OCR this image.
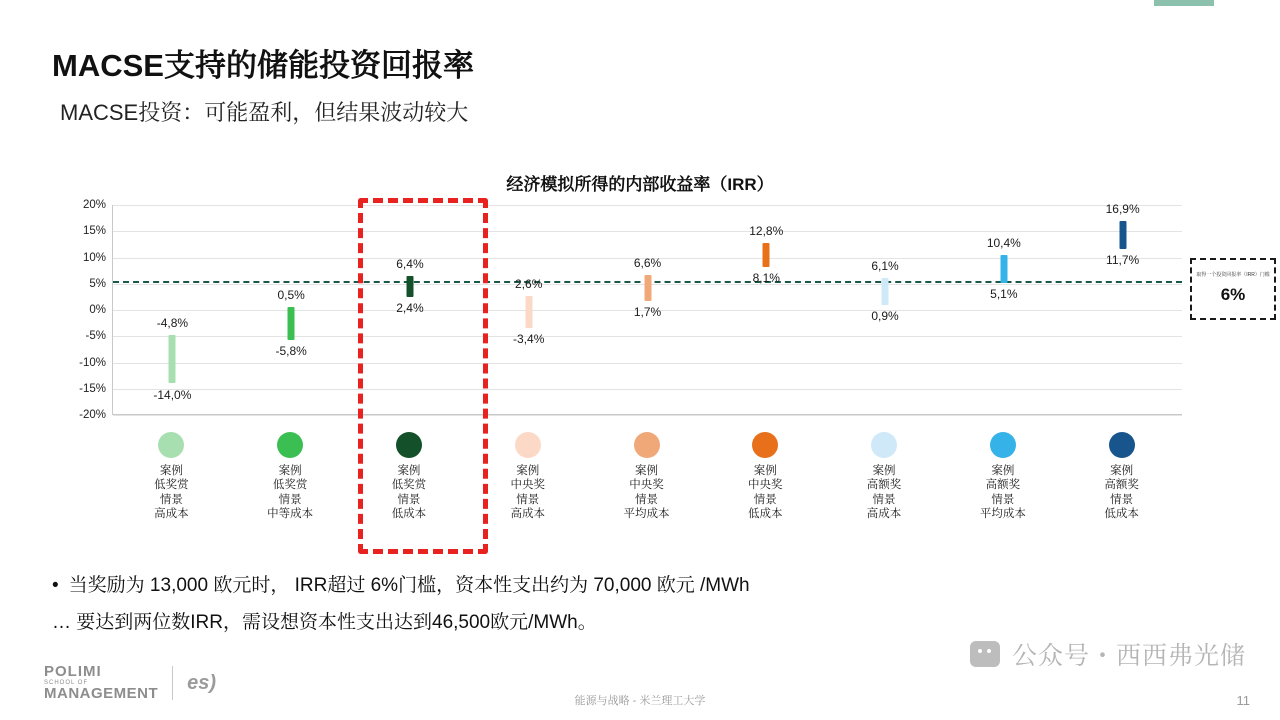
MACSE支持的储能投资回报率
MACSE投资：可能盈利，但结果波动较大
经济模拟所得的内部收益率（IRR）
20%
15%
10%
5%
0%
-5%
-10%
-15%
-20%
-4,8%
-14,0%
0,5%
-5,8%
6,4%
2,4%
2,6%
-3,4%
6,6%
1,7%
12,8%
8,1%
6,1%
0,9%
10,4%
5,1%
16,9%
11,7%
取得一个投资回报率（IRR）门槛
6%
案例
低奖赏
情景
高成本
案例
低奖赏
情景
中等成本
案例
低奖赏
情景
低成本
案例
中央奖
情景
高成本
案例
中央奖
情景
平均成本
案例
中央奖
情景
低成本
案例
高额奖
情景
高成本
案例
高额奖
情景
平均成本
案例
高额奖
情景
低成本
• 当奖励为 13,000 欧元时， IRR超过 6%门槛，资本性支出约为 70,000 欧元 /MWh
… 要达到两位数IRR，需设想资本性支出达到46,500欧元/MWh。
POLIMI
SCHOOL OF
MANAGEMENT
es)
公众号・西西弗光储
能源与战略 - 米兰理工大学	11
